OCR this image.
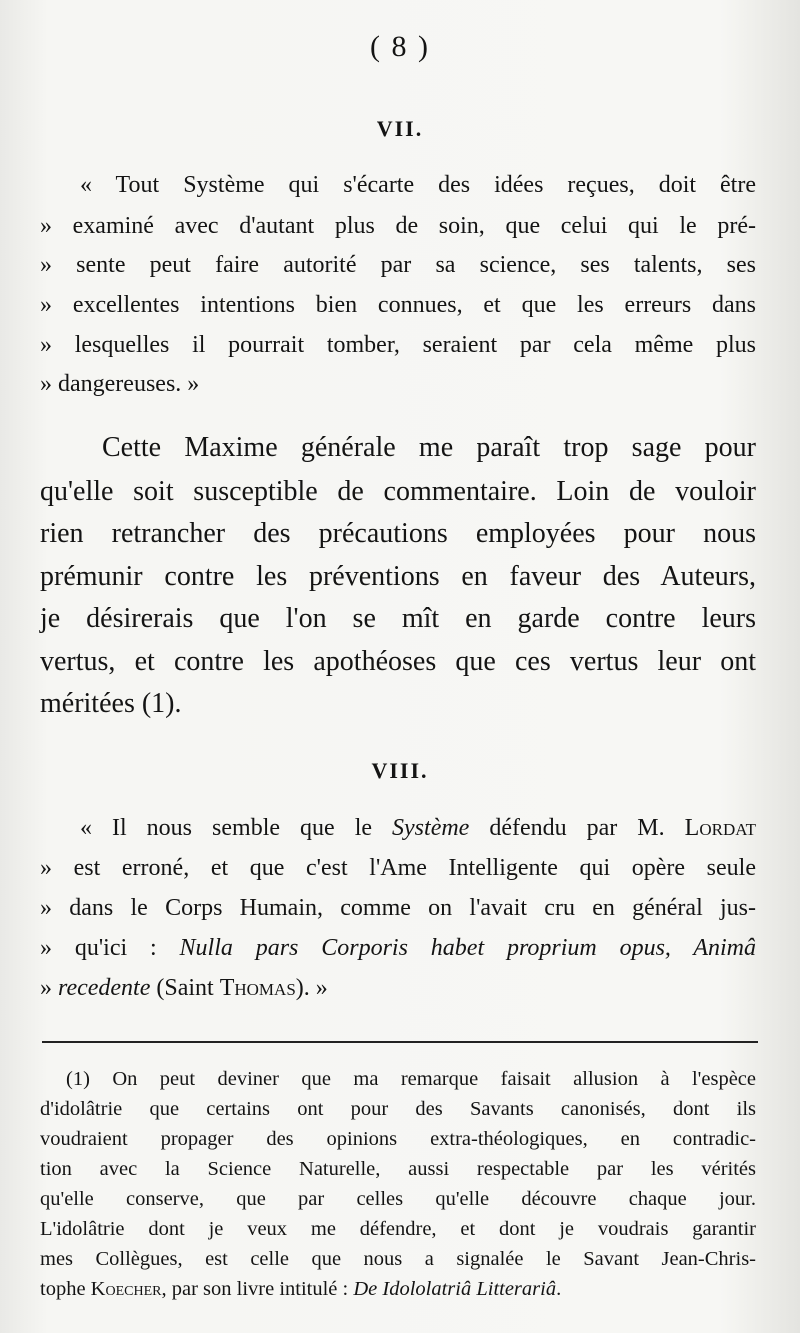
( 8 )
VII.
« Tout Système qui s'écarte des idées reçues, doit être
» examiné avec d'autant plus de soin, que celui qui le pré-
» sente peut faire autorité par sa science, ses talents, ses
» excellentes intentions bien connues, et que les erreurs dans
» lesquelles il pourrait tomber, seraient par cela même plus
» dangereuses. »
Cette Maxime générale me paraît trop sage pour
qu'elle soit susceptible de commentaire. Loin de vouloir
rien retrancher des précautions employées pour nous
prémunir contre les préventions en faveur des Auteurs,
je désirerais que l'on se mît en garde contre leurs
vertus, et contre les apothéoses que ces vertus leur ont
méritées (1).
VIII.
« Il nous semble que le Système défendu par M. Lordat
» est erroné, et que c'est l'Ame Intelligente qui opère seule
» dans le Corps Humain, comme on l'avait cru en général jus-
» qu'ici : Nulla pars Corporis habet proprium opus, Animâ
» recedente (Saint Thomas). »
(1) On peut deviner que ma remarque faisait allusion à l'espèce
d'idolâtrie que certains ont pour des Savants canonisés, dont ils
voudraient propager des opinions extra-théologiques, en contradic-
tion avec la Science Naturelle, aussi respectable par les vérités
qu'elle conserve, que par celles qu'elle découvre chaque jour.
L'idolâtrie dont je veux me défendre, et dont je voudrais garantir
mes Collègues, est celle que nous a signalée le Savant Jean-Chris-
tophe Koecher, par son livre intitulé : De Idololatriâ Litterariâ.
